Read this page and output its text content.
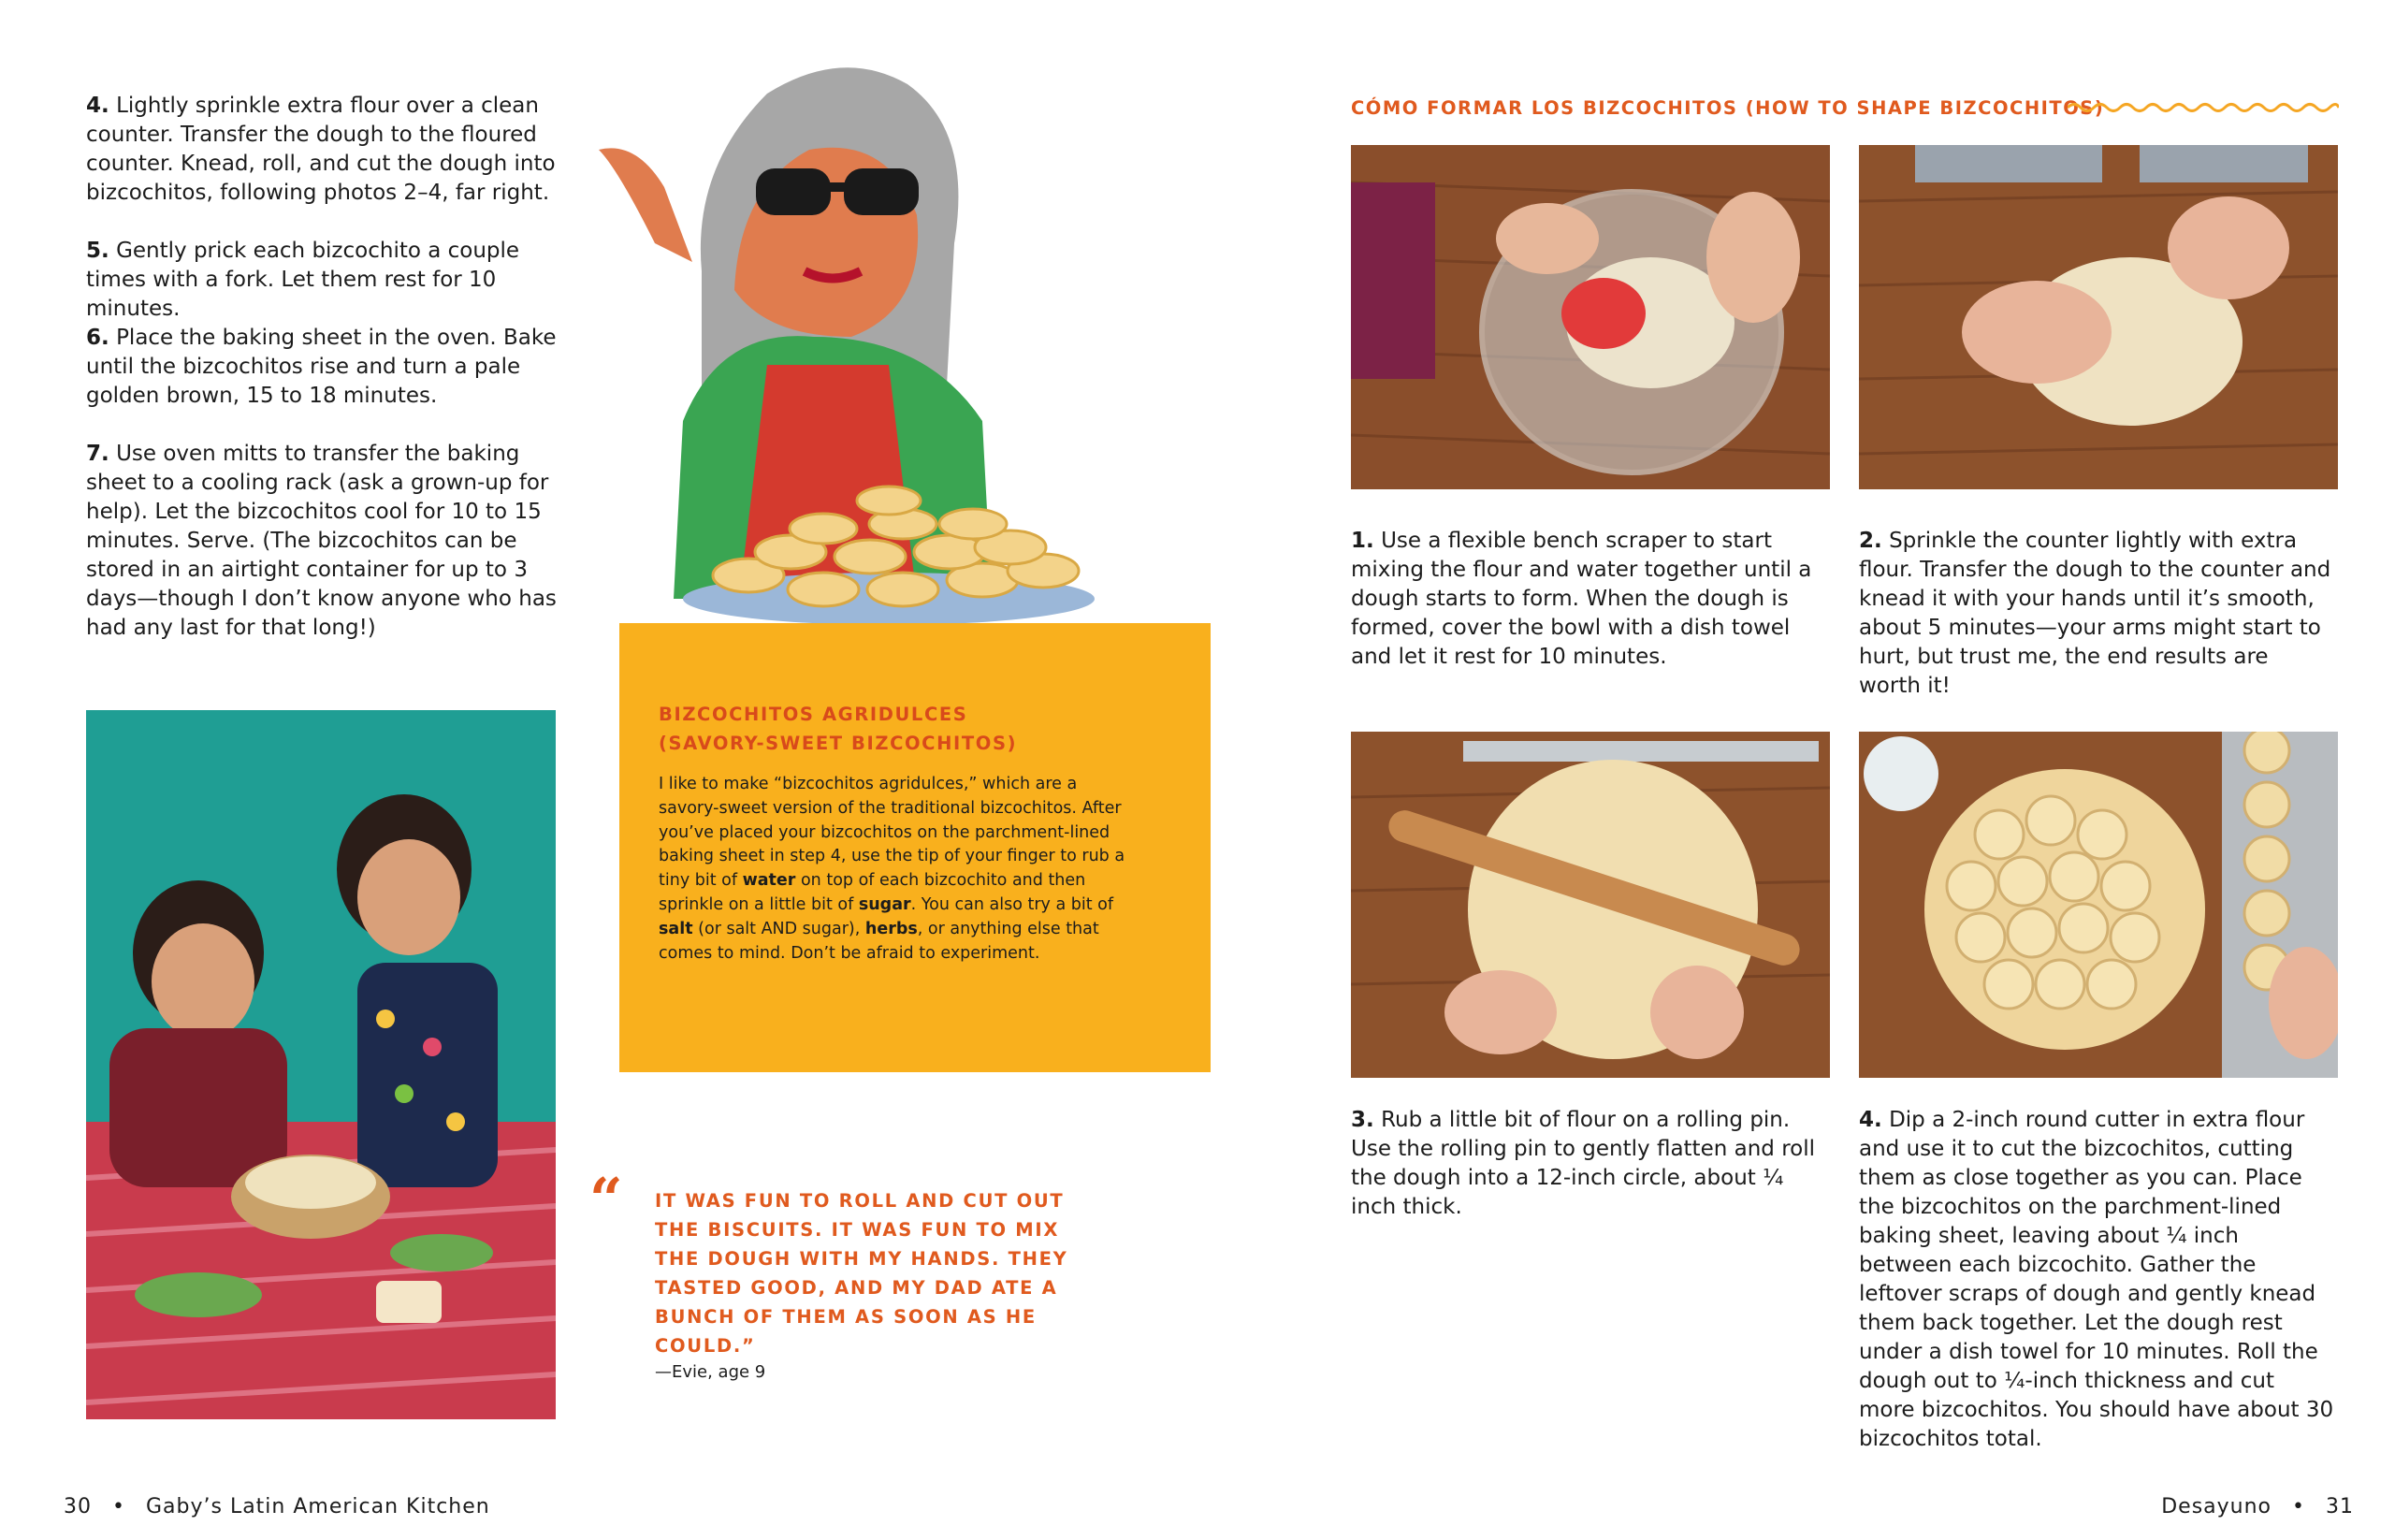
4. Lightly sprinkle extra flour over a clean counter. Transfer the dough to the floured counter. Knead, roll, and cut the dough into bizcochitos, following photos 2–4, far right.
5. Gently prick each bizcochito a couple times with a fork. Let them rest for 10 minutes.
6. Place the baking sheet in the oven. Bake until the bizcochitos rise and turn a pale golden brown, 15 to 18 minutes.
7. Use oven mitts to transfer the baking sheet to a cooling rack (ask a grown-up for help). Let the bizcochitos cool for 10 to 15 minutes. Serve. (The bizcochitos can be stored in an airtight container for up to 3 days—though I don’t know anyone who has had any last for that long!)
BIZCOCHITOS AGRIDULCES
(SAVORY-SWEET BIZCOCHITOS)
I like to make “bizcochitos agridulces,” which are a savory-sweet version of the traditional bizcochitos. After you’ve placed your bizcochitos on the parchment-lined baking sheet in step 4, use the tip of your finger to rub a tiny bit of water on top of each bizcochito and then sprinkle on a little bit of sugar. You can also try a bit of salt (or salt AND sugar), herbs, or anything else that comes to mind. Don’t be afraid to experiment.
“ IT WAS FUN TO ROLL AND CUT OUT THE BISCUITS. IT WAS FUN TO MIX THE DOUGH WITH MY HANDS. THEY TASTED GOOD, AND MY DAD ATE A BUNCH OF THEM AS SOON AS HE COULD.”
—Evie, age 9
CÓMO FORMAR LOS BIZCOCHITOS (HOW TO SHAPE BIZCOCHITOS)
1. Use a flexible bench scraper to start mixing the flour and water together until a dough starts to form. When the dough is formed, cover the bowl with a dish towel and let it rest for 10 minutes.
2. Sprinkle the counter lightly with extra flour. Transfer the dough to the counter and knead it with your hands until it’s smooth, about 5 minutes—your arms might start to hurt, but trust me, the end results are worth it!
3. Rub a little bit of flour on a rolling pin. Use the rolling pin to gently flatten and roll the dough into a 12-inch circle, about ¼ inch thick.
4. Dip a 2-inch round cutter in extra flour and use it to cut the bizcochitos, cutting them as close together as you can. Place the bizcochitos on the parchment-lined baking sheet, leaving about ¼ inch between each bizcochito. Gather the leftover scraps of dough and gently knead them back together. Let the dough rest under a dish towel for 10 minutes. Roll the dough out to ¼-inch thickness and cut more bizcochitos. You should have about 30 bizcochitos total.
30 • Gaby’s Latin American Kitchen	Desayuno • 31
